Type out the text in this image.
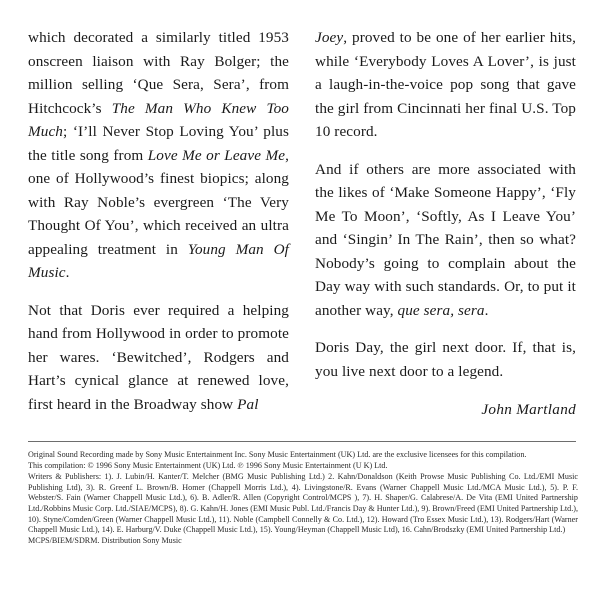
which decorated a similarly titled 1953 onscreen liaison with Ray Bolger; the million selling ‘Que Sera, Sera’, from Hitchcock’s The Man Who Knew Too Much; ‘I’ll Never Stop Loving You’ plus the title song from Love Me or Leave Me, one of Hollywood’s finest biopics; along with Ray Noble’s evergreen ‘The Very Thought Of You’, which received an ultra appealing treatment in Young Man Of Music.

Not that Doris ever required a helping hand from Hollywood in order to promote her wares. ‘Bewitched’, Rodgers and Hart’s cynical glance at renewed love, first heard in the Broadway show Pal

Joey, proved to be one of her earlier hits, while ‘Everybody Loves A Lover’, is just a laugh-in-the-voice pop song that gave the girl from Cincinnati her final U.S. Top 10 record.

And if others are more associated with the likes of ‘Make Someone Happy’, ‘Fly Me To Moon’, ‘Softly, As I Leave You’ and ‘Singin’ In The Rain’, then so what? Nobody’s going to complain about the Day way with such standards. Or, to put it another way, que sera, sera.

Doris Day, the girl next door. If, that is, you live next door to a legend.

John Martland

Original Sound Recording made by Sony Music Entertainment Inc. Sony Music Entertainment (UK) Ltd. are the exclusive licensees for this compilation.

This compilation: © 1996 Sony Music Entertainment (UK) Ltd. ℗ 1996 Sony Music Entertainment (U K) Ltd.

Writers & Publishers: 1). J. Lubin/H. Kanter/T. Melcher (BMG Music Publishing Ltd.) 2. Kahn/Donaldson (Keith Prowse Music Publishing Co. Ltd./EMI Music Publishing Ltd), 3). R. Greenf L. Brown/B. Homer (Chappell Morris Ltd.), 4). Livingstone/R. Evans (Warner Chappell Music Ltd./MCA Music Ltd.), 5). P. F. Webster/S. Fain (Warner Chappell Music Ltd.), 6). B. Adler/R. Allen (Copyright Control/MCPS ), 7). H. Shaper/G. Calabrese/A. De Vita (EMI United Partnership Ltd./Robbins Music Corp. Ltd./SIAE/MCPS), 8). G. Kahn/H. Jones (EMI Music Publ. Ltd./Francis Day & Hunter Ltd.), 9). Brown/Freed (EMI United Partnership Ltd.), 10). Styne/Comden/Green (Warner Chappell Music Ltd.), 11). Noble (Campbell Connelly & Co. Ltd.), 12). Howard (Tro Essex Music Ltd.), 13). Rodgers/Hart (Warner Chappell Music Ltd.), 14). E. Harburg/V. Duke (Chappell Music Ltd.), 15). Young/Heyman (Chappell Music Ltd), 16. Cahn/Brodszky (EMI United Partnership Ltd.)

MCPS/BIEM/SDRM. Distribution Sony Music
